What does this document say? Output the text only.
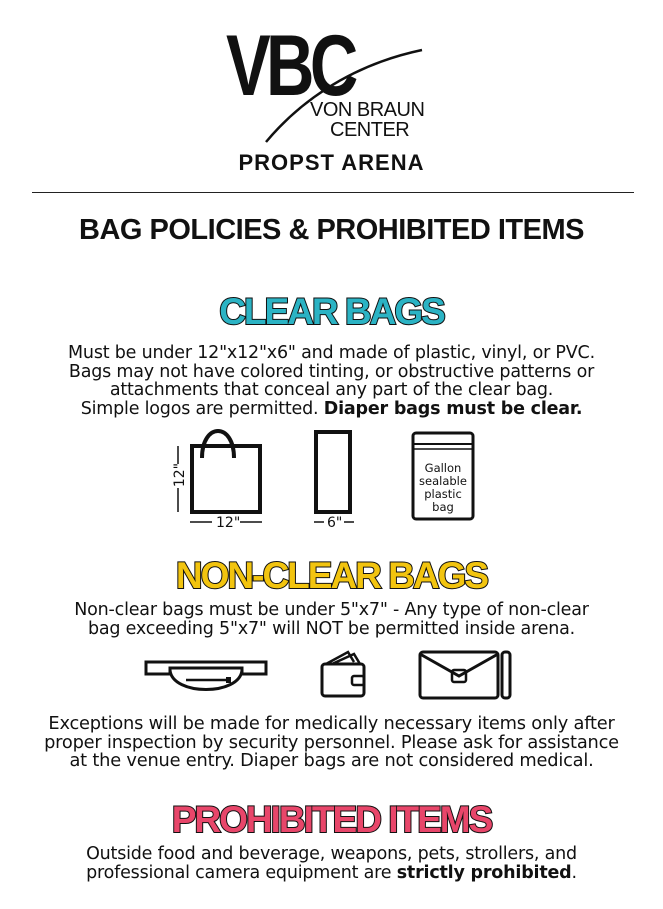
VBC
VON BRAUN
CENTER
PROPST ARENA
BAG POLICIES & PROHIBITED ITEMS
CLEAR BAGS
Must be under 12"x12"x6" and made of plastic, vinyl, or PVC.
Bags may not have colored tinting, or obstructive patterns or
attachments that conceal any part of the clear bag.
Simple logos are permitted. Diaper bags must be clear.
12"
12"	6"
Gallon
sealable
plastic
bag
NON-CLEAR BAGS
Non-clear bags must be under 5"x7" - Any type of non-clear
bag exceeding 5"x7" will NOT be permitted inside arena.
Exceptions will be made for medically necessary items only after
proper inspection by security personnel. Please ask for assistance
at the venue entry. Diaper bags are not considered medical.
PROHIBITED ITEMS
Outside food and beverage, weapons, pets, strollers, and
professional camera equipment are strictly prohibited.
